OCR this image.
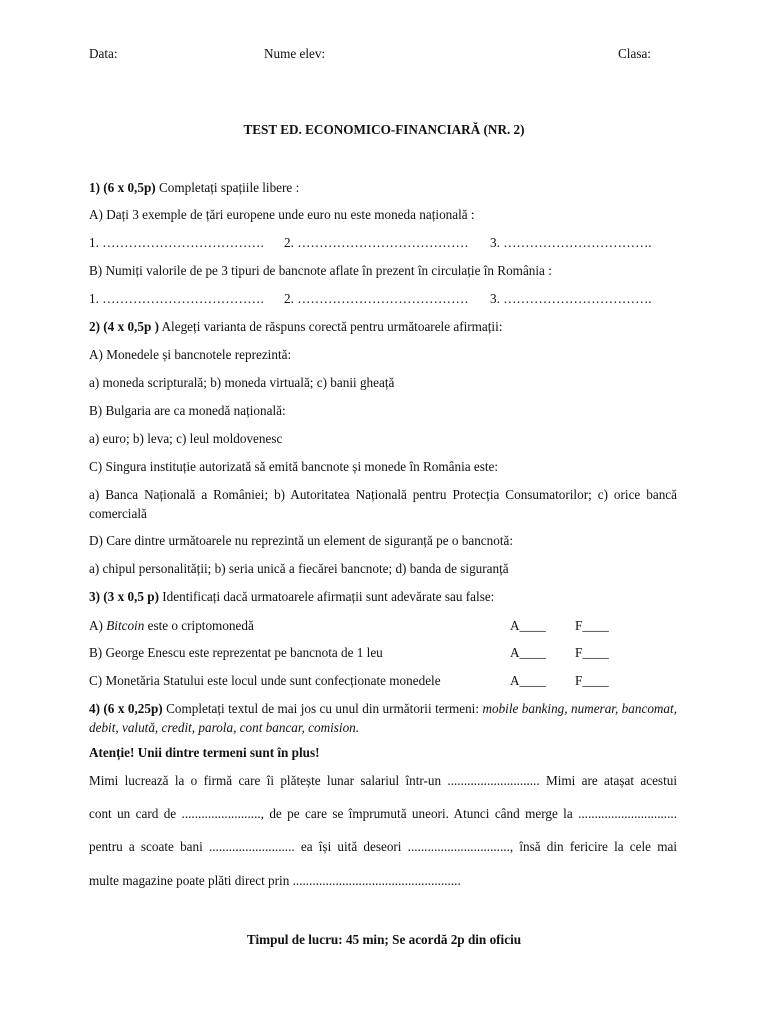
Data:	Nume elev:	Clasa:
TEST ED. ECONOMICO-FINANCIARĂ (NR. 2)
1) (6 x 0,5p) Completați spațiile libere :
A) Dați 3 exemple de țări europene unde euro nu este moneda națională :
1. ………………………………. 2. ………………………………… 3. …………………………….
B) Numiți valorile de pe 3 tipuri de bancnote aflate în prezent în circulație în România :
1. ………………………………. 2. ………………………………… 3. …………………………….
2) (4 x 0,5p ) Alegeți varianta de răspuns corectă pentru următoarele afirmații:
A) Monedele și bancnotele reprezintă:
a) moneda scripturală; b) moneda virtuală; c) banii gheață
B) Bulgaria are ca monedă națională:
a) euro; b) leva; c) leul moldovenesc
C) Singura instituție autorizată să emită bancnote și monede în România este:
a) Banca Națională a României; b) Autoritatea Națională pentru Protecția Consumatorilor; c) orice bancă comercială
D) Care dintre următoarele nu reprezintă un element de siguranță pe o bancnotă:
a) chipul personalității; b) seria unică a fiecărei bancnote; d) banda de siguranță
3) (3 x 0,5 p) Identificați dacă urmatoarele afirmații sunt adevărate sau false:
A) Bitcoin este o criptomonedă	A____ F____
B) George Enescu este reprezentat pe bancnota de 1 leu	A____ F____
C) Monetăria Statului este locul unde sunt confecționate monedele	A____ F____
4) (6 x 0,25p) Completați textul de mai jos cu unul din următorii termeni: mobile banking, numerar, bancomat, debit, valută, credit, parola, cont bancar, comision.
Atenție! Unii dintre termeni sunt în plus!
Mimi lucrează la o firmă care îi plătește lunar salariul într-un ............................ Mimi are atașat acestui
cont un card de ........................, de pe care se împrumută uneori. Atunci când merge la ..............................
pentru a scoate bani .......................... ea își uită deseori ..............................., însă din fericire la cele mai
multe magazine poate plăti direct prin ...................................................
Timpul de lucru: 45 min; Se acordă 2p din oficiu
